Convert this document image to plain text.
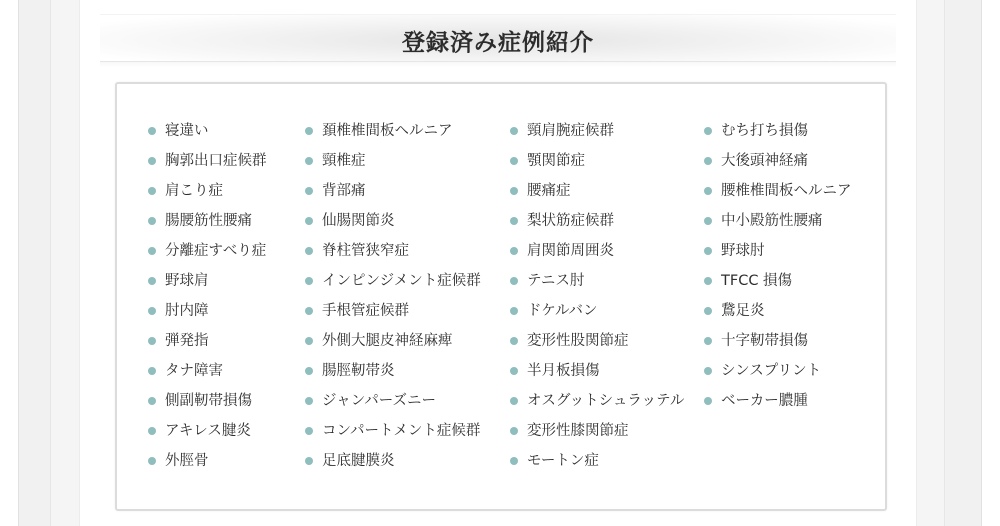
登録済み症例紹介
寝違い
胸郭出口症候群
肩こり症
腸腰筋性腰痛
分離症すべり症
野球肩
肘内障
弾発指
タナ障害
側副靭帯損傷
アキレス腱炎
外脛骨
頚椎椎間板ヘルニア
頸椎症
背部痛
仙腸関節炎
脊柱管狭窄症
インピンジメント症候群
手根管症候群
外側大腿皮神経麻痺
腸脛靭帯炎
ジャンパーズニー
コンパートメント症候群
足底腱膜炎
頸肩腕症候群
顎関節症
腰痛症
梨状筋症候群
肩関節周囲炎
テニス肘
ドケルバン
変形性股関節症
半月板損傷
オスグットシュラッテル
変形性膝関節症
モートン症
むち打ち損傷
大後頭神経痛
腰椎椎間板ヘルニア
中小殿筋性腰痛
野球肘
TFCC 損傷
鵞足炎
十字靭帯損傷
シンスプリント
ベーカー膿腫
